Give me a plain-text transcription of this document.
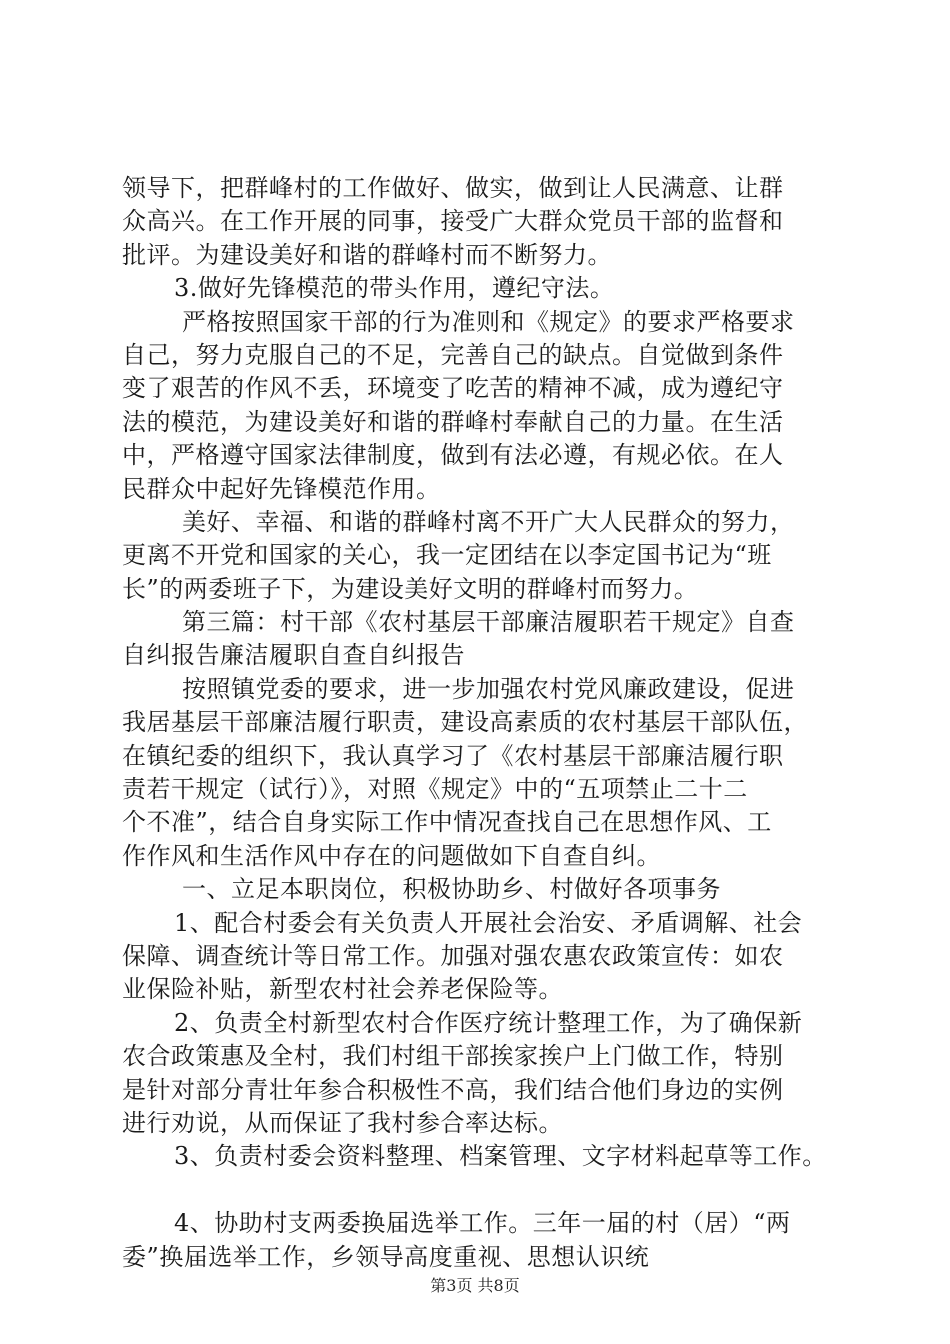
领导下，把群峰村的工作做好、做实，做到让人民满意、让群
众高兴。在工作开展的同事，接受广大群众党员干部的监督和
批评。为建设美好和谐的群峰村而不断努力。
3.做好先锋模范的带头作用，遵纪守法。
严格按照国家干部的行为准则和《规定》的要求严格要求
自己，努力克服自己的不足，完善自己的缺点。自觉做到条件
变了艰苦的作风不丢，环境变了吃苦的精神不减，成为遵纪守
法的模范，为建设美好和谐的群峰村奉献自己的力量。在生活
中，严格遵守国家法律制度，做到有法必遵，有规必依。在人
民群众中起好先锋模范作用。
美好、幸福、和谐的群峰村离不开广大人民群众的努力，
更离不开党和国家的关心，我一定团结在以李定国书记为“班
长”的两委班子下，为建设美好文明的群峰村而努力。
第三篇：村干部《农村基层干部廉洁履职若干规定》自查
自纠报告廉洁履职自查自纠报告
按照镇党委的要求，进一步加强农村党风廉政建设，促进
我居基层干部廉洁履行职责，建设高素质的农村基层干部队伍，
在镇纪委的组织下，我认真学习了《农村基层干部廉洁履行职
责若干规定（试行）》，对照《规定》中的“五项禁止二十二
个不准”，结合自身实际工作中情况查找自己在思想作风、工
作作风和生活作风中存在的问题做如下自查自纠。
一、立足本职岗位，积极协助乡、村做好各项事务
1、配合村委会有关负责人开展社会治安、矛盾调解、社会
保障、调查统计等日常工作。加强对强农惠农政策宣传：如农
业保险补贴，新型农村社会养老保险等。
2、负责全村新型农村合作医疗统计整理工作，为了确保新
农合政策惠及全村，我们村组干部挨家挨户上门做工作，特别
是针对部分青壮年参合积极性不高，我们结合他们身边的实例
进行劝说，从而保证了我村参合率达标。
3、负责村委会资料整理、档案管理、文字材料起草等工作。
4、协助村支两委换届选举工作。三年一届的村（居）“两
委”换届选举工作，乡领导高度重视、思想认识统
第3页 共8页
